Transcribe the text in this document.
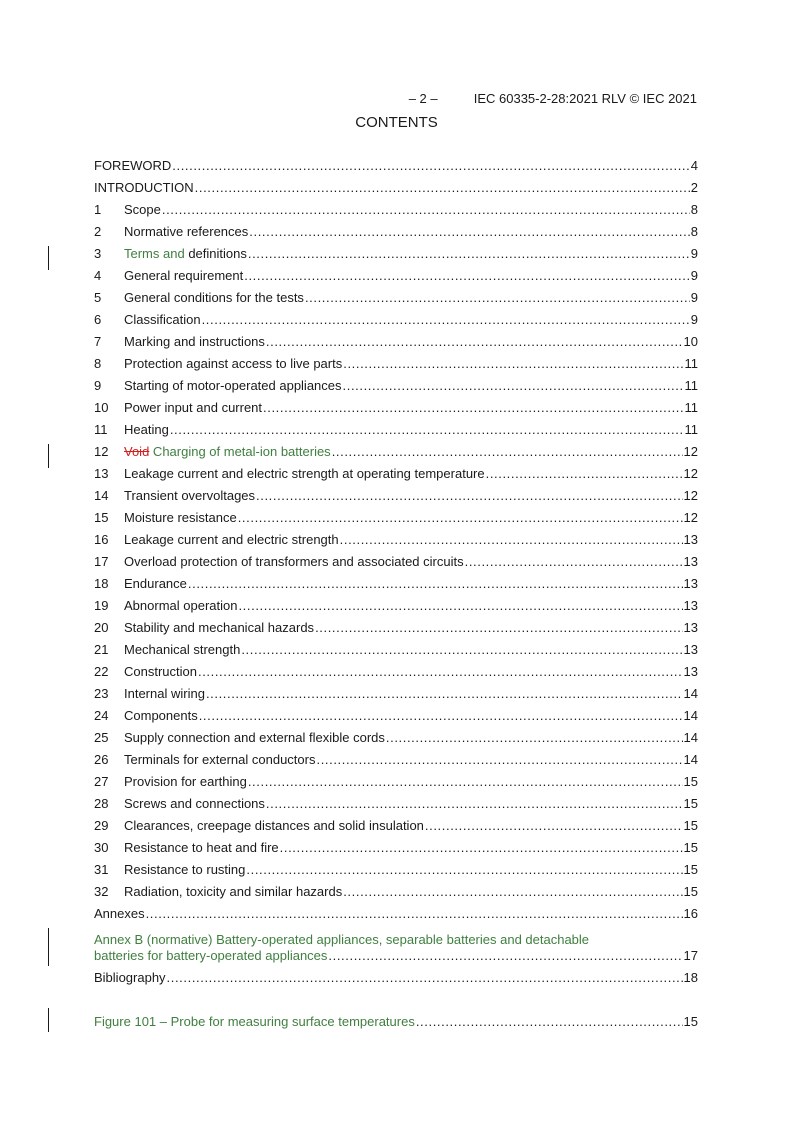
– 2 –	IEC 60335-2-28:2021 RLV © IEC 2021

CONTENTS
FOREWORD .....	4
INTRODUCTION .....	2
1	Scope .....	8
2	Normative references .....	8
3	Terms and definitions .....	9
4	General requirement .....	9
5	General conditions for the tests .....	9
6	Classification .....	9
7	Marking and instructions .....	10
8	Protection against access to live parts .....	11
9	Starting of motor-operated appliances .....	11
10	Power input and current .....	11
11	Heating .....	11
12	Void Charging of metal-ion batteries .....	12
13	Leakage current and electric strength at operating temperature .....	12
14	Transient overvoltages .....	12
15	Moisture resistance .....	12
16	Leakage current and electric strength .....	13
17	Overload protection of transformers and associated circuits .....	13
18	Endurance .....	13
19	Abnormal operation .....	13
20	Stability and mechanical hazards .....	13
21	Mechanical strength .....	13
22	Construction .....	13
23	Internal wiring .....	14
24	Components .....	14
25	Supply connection and external flexible cords .....	14
26	Terminals for external conductors .....	14
27	Provision for earthing .....	15
28	Screws and connections .....	15
29	Clearances, creepage distances and solid insulation .....	15
30	Resistance to heat and fire .....	15
31	Resistance to rusting .....	15
32	Radiation, toxicity and similar hazards .....	15
Annexes .....	16
Annex B (normative) Battery-operated appliances, separable batteries and detachable
batteries for battery-operated appliances .....	17
Bibliography .....	18
Figure 101 – Probe for measuring surface temperatures .....	15
